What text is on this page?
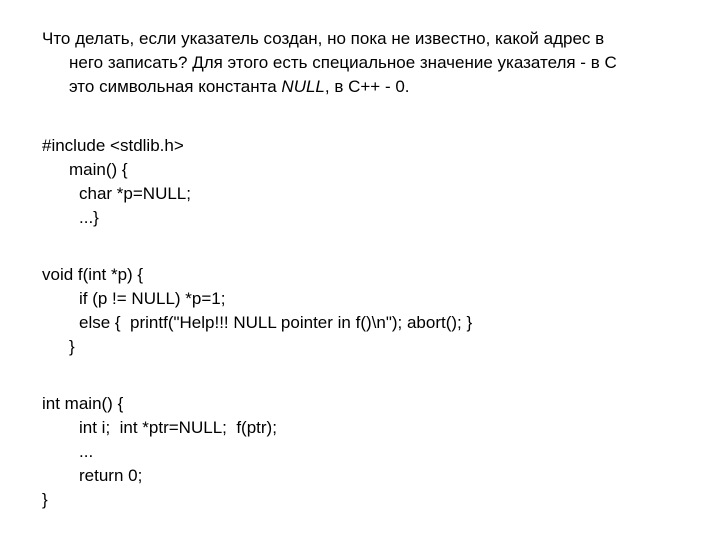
Что делать, если указатель создан, но пока не известно, какой адрес в
него записать? Для этого есть специальное значение указателя - в С
это символьная константа NULL, в С++ - 0.
#include <stdlib.h>
main() {
char *p=NULL;
...}
void f(int *p) {
if (p != NULL) *p=1;
else {  printf("Help!!! NULL pointer in f()\n"); abort(); }
}
int main() {
int i;  int *ptr=NULL;  f(ptr);
...
return 0;
}
